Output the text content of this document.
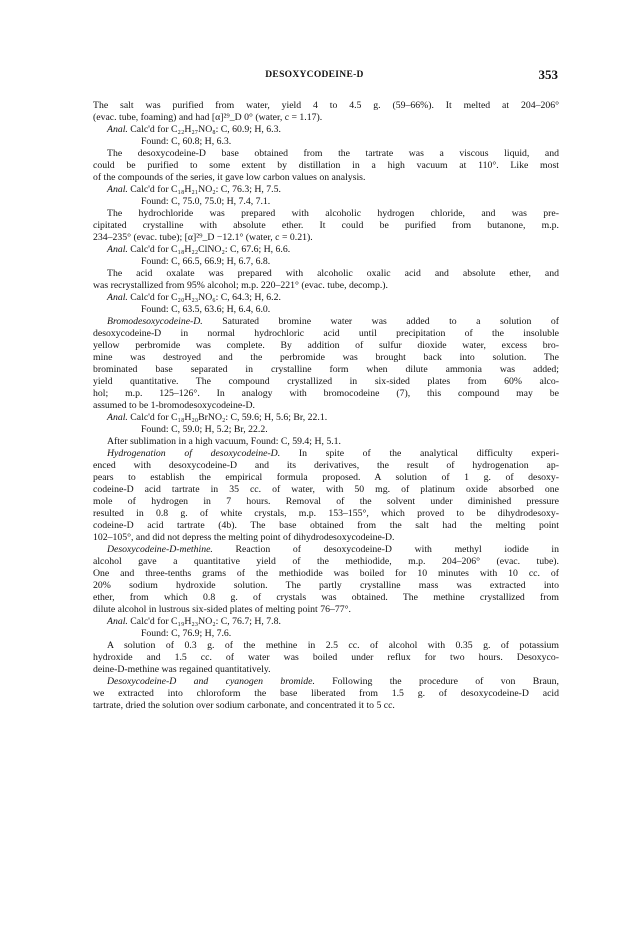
DESOXYCODEINE-D	353
The salt was purified from water, yield 4 to 4.5 g. (59–66%). It melted at 204–206°
(evac. tube, foaming) and had [α]²⁹_D 0° (water, c = 1.17).
Anal. Calc'd for C₂₂H₂₇NO₈: C, 60.9; H, 6.3.
Found: C, 60.8; H, 6.3.
The desoxycodeine-D base obtained from the tartrate was a viscous liquid, and
could be purified to some extent by distillation in a high vacuum at 110°. Like most
of the compounds of the series, it gave low carbon values on analysis.
Anal. Calc'd for C₁₈H₂₁NO₂: C, 76.3; H, 7.5.
Found: C, 75.0, 75.0; H, 7.4, 7.1.
The hydrochloride was prepared with alcoholic hydrogen chloride, and was pre-
cipitated crystalline with absolute ether. It could be purified from butanone, m.p.
234–235° (evac. tube); [α]²⁹_D −12.1° (water, c = 0.21).
Anal. Calc'd for C₁₈H₂₂ClNO₂: C, 67.6; H, 6.6.
Found: C, 66.5, 66.9; H, 6.7, 6.8.
The acid oxalate was prepared with alcoholic oxalic acid and absolute ether, and
was recrystallized from 95% alcohol; m.p. 220–221° (evac. tube, decomp.).
Anal. Calc'd for C₂₀H₂₃NO₆: C, 64.3; H, 6.2.
Found: C, 63.5, 63.6; H, 6.4, 6.0.
Bromodesoxycodeine-D. Saturated bromine water was added to a solution of
desoxycodeine-D in normal hydrochloric acid until precipitation of the insoluble
yellow perbromide was complete. By addition of sulfur dioxide water, excess bro-
mine was destroyed and the perbromide was brought back into solution. The
brominated base separated in crystalline form when dilute ammonia was added;
yield quantitative. The compound crystallized in six-sided plates from 60% alco-
hol; m.p. 125–126°. In analogy with bromocodeine (7), this compound may be
assumed to be 1-bromodesoxycodeine-D.
Anal. Calc'd for C₁₈H₂₀BrNO₂: C, 59.6; H, 5.6; Br, 22.1.
Found: C, 59.0; H, 5.2; Br, 22.2.
After sublimation in a high vacuum, Found: C, 59.4; H, 5.1.
Hydrogenation of desoxycodeine-D. In spite of the analytical difficulty experi-
enced with desoxycodeine-D and its derivatives, the result of hydrogenation ap-
pears to establish the empirical formula proposed. A solution of 1 g. of desoxy-
codeine-D acid tartrate in 35 cc. of water, with 50 mg. of platinum oxide absorbed one
mole of hydrogen in 7 hours. Removal of the solvent under diminished pressure
resulted in 0.8 g. of white crystals, m.p. 153–155°, which proved to be dihydrodesoxy-
codeine-D acid tartrate (4b). The base obtained from the salt had the melting point
102–105°, and did not depress the melting point of dihydrodesoxycodeine-D.
Desoxycodeine-D-methine. Reaction of desoxycodeine-D with methyl iodide in
alcohol gave a quantitative yield of the methiodide, m.p. 204–206° (evac. tube).
One and three-tenths grams of the methiodide was boiled for 10 minutes with 10 cc. of
20% sodium hydroxide solution. The partly crystalline mass was extracted into
ether, from which 0.8 g. of crystals was obtained. The methine crystallized from
dilute alcohol in lustrous six-sided plates of melting point 76–77°.
Anal. Calc'd for C₁₉H₂₃NO₂: C, 76.7; H, 7.8.
Found: C, 76.9; H, 7.6.
A solution of 0.3 g. of the methine in 2.5 cc. of alcohol with 0.35 g. of potassium
hydroxide and 1.5 cc. of water was boiled under reflux for two hours. Desoxyco-
deine-D-methine was regained quantitatively.
Desoxycodeine-D and cyanogen bromide. Following the procedure of von Braun,
we extracted into chloroform the base liberated from 1.5 g. of desoxycodeine-D acid
tartrate, dried the solution over sodium carbonate, and concentrated it to 5 cc.
